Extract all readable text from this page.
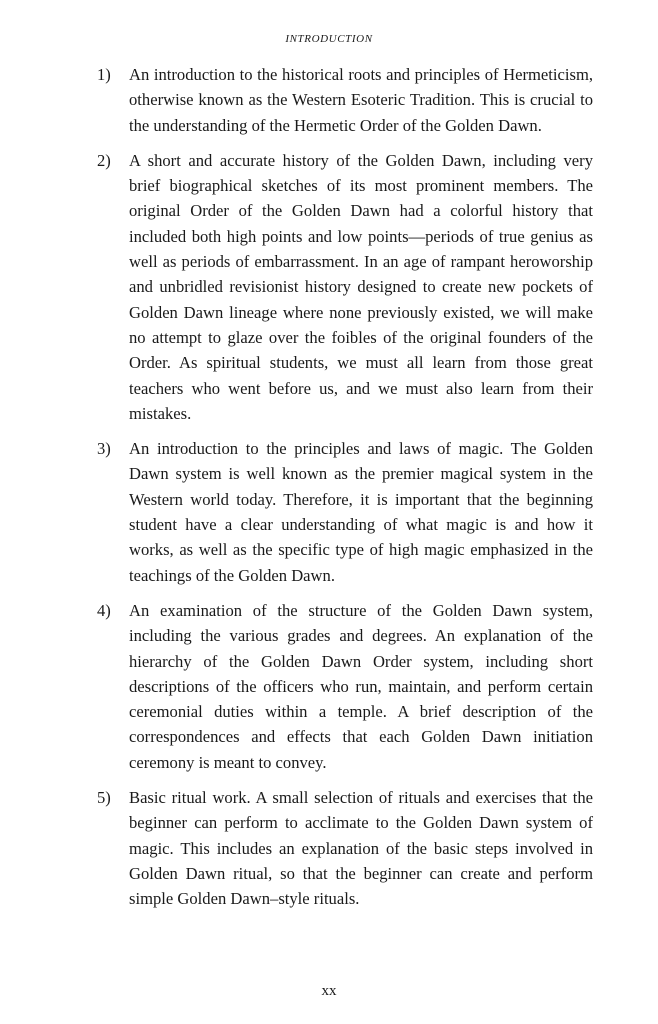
INTRODUCTION
1)	An introduction to the historical roots and principles of Hermeticism, otherwise known as the Western Esoteric Tradition. This is crucial to the understanding of the Hermetic Order of the Golden Dawn.
2)	A short and accurate history of the Golden Dawn, including very brief biographical sketches of its most prominent members. The original Order of the Golden Dawn had a colorful history that included both high points and low points—periods of true genius as well as periods of embarrassment. In an age of rampant heroworship and unbridled revisionist history designed to create new pockets of Golden Dawn lineage where none previously existed, we will make no attempt to glaze over the foibles of the original founders of the Order. As spiritual students, we must all learn from those great teachers who went before us, and we must also learn from their mistakes.
3)	An introduction to the principles and laws of magic. The Golden Dawn system is well known as the premier magical system in the Western world today. Therefore, it is important that the beginning student have a clear understanding of what magic is and how it works, as well as the specific type of high magic emphasized in the teachings of the Golden Dawn.
4)	An examination of the structure of the Golden Dawn system, including the various grades and degrees. An explanation of the hierarchy of the Golden Dawn Order system, including short descriptions of the officers who run, maintain, and perform certain ceremonial duties within a temple. A brief description of the correspondences and effects that each Golden Dawn initiation ceremony is meant to convey.
5)	Basic ritual work. A small selection of rituals and exercises that the beginner can perform to acclimate to the Golden Dawn system of magic. This includes an explanation of the basic steps involved in Golden Dawn ritual, so that the beginner can create and perform simple Golden Dawn–style rituals.
xx
